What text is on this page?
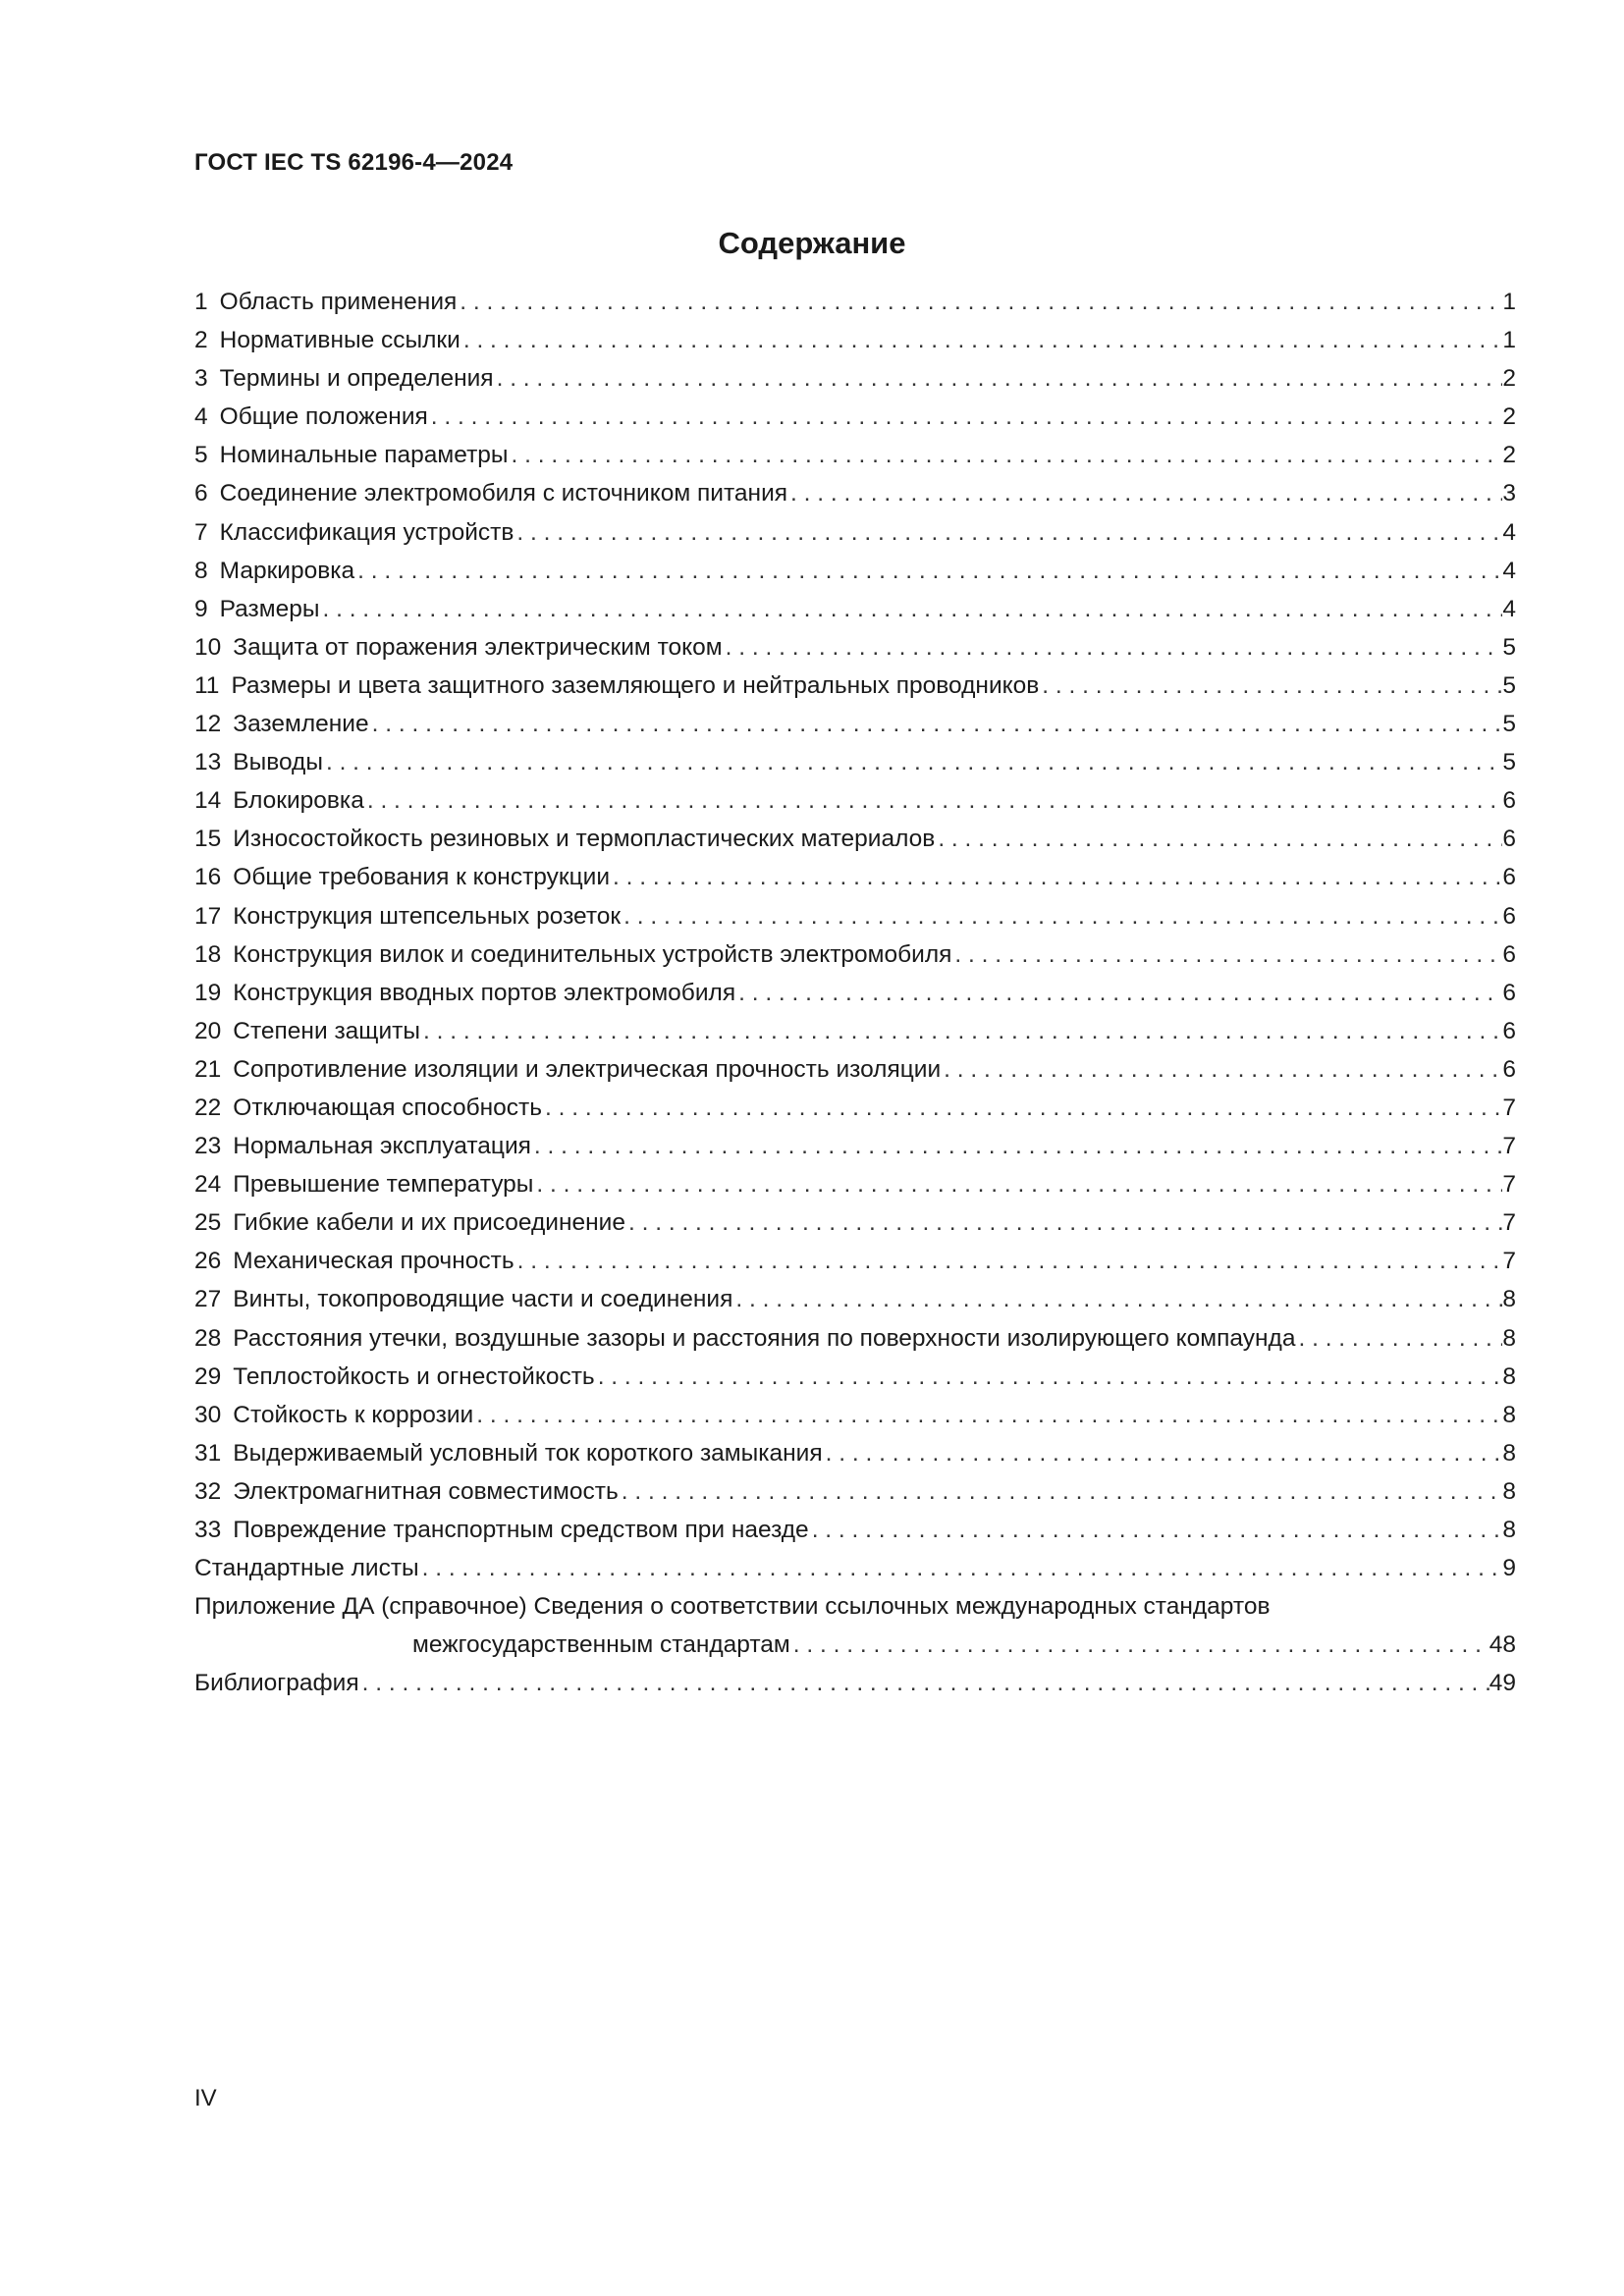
ГОСТ IEC TS 62196-4—2024
Содержание
1 Область применения . . .	1
2 Нормативные ссылки . . .	1
3 Термины и определения . . .	2
4 Общие положения . . .	2
5 Номинальные параметры . . .	2
6 Соединение электромобиля с источником питания . . .	3
7 Классификация устройств . . .	4
8 Маркировка . . .	4
9 Размеры . . .	4
10 Защита от поражения электрическим током . . .	5
11 Размеры и цвета защитного заземляющего и нейтральных проводников . . .	5
12 Заземление . . .	5
13 Выводы . . .	5
14 Блокировка . . .	6
15 Износостойкость резиновых и термопластических материалов . . .	6
16 Общие требования к конструкции . . .	6
17 Конструкция штепсельных розеток . . .	6
18 Конструкция вилок и соединительных устройств электромобиля . . .	6
19 Конструкция вводных портов электромобиля . . .	6
20 Степени защиты . . .	6
21 Сопротивление изоляции и электрическая прочность изоляции . . .	6
22 Отключающая способность . . .	7
23 Нормальная эксплуатация . . .	7
24 Превышение температуры . . .	7
25 Гибкие кабели и их присоединение . . .	7
26 Механическая прочность . . .	7
27 Винты, токопроводящие части и соединения . . .	8
28 Расстояния утечки, воздушные зазоры и расстояния по поверхности изолирующего компаунда . . .	8
29 Теплостойкость и огнестойкость . . .	8
30 Стойкость к коррозии . . .	8
31 Выдерживаемый условный ток короткого замыкания . . .	8
32 Электромагнитная совместимость . . .	8
33 Повреждение транспортным средством при наезде . . .	8
Стандартные листы . . .	9
Приложение ДА (справочное) Сведения о соответствии ссылочных международных стандартов
межгосударственным стандартам . . .	48
Библиография . . .	49
IV
